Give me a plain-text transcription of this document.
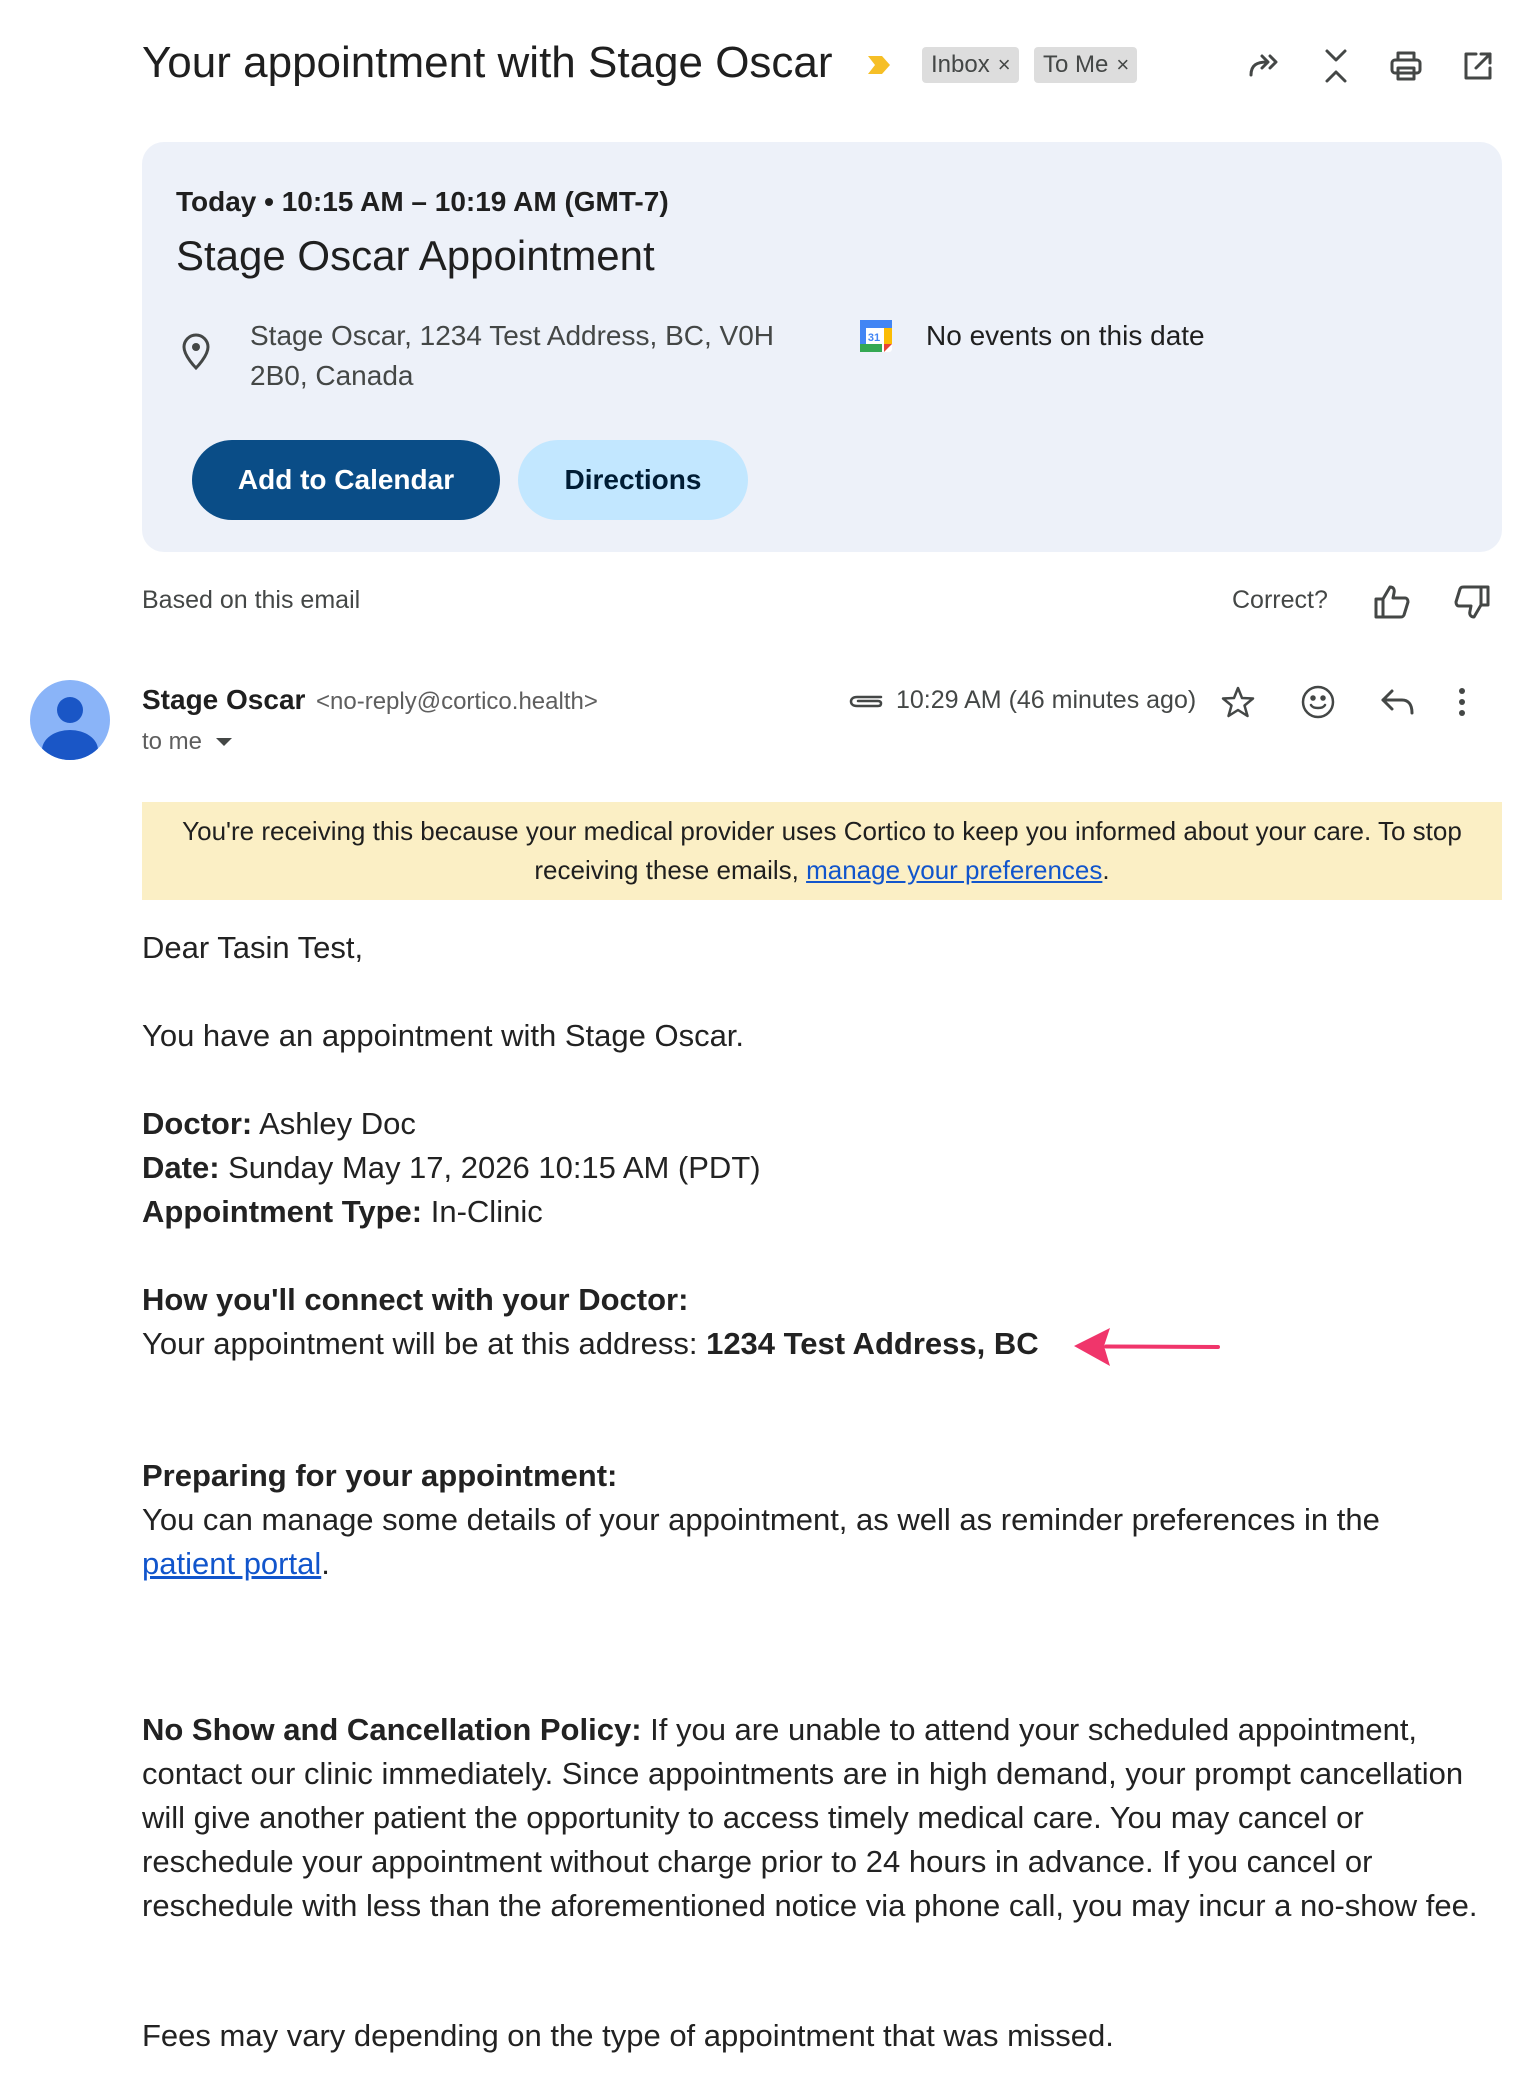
Your appointment with Stage Oscar	Inbox × To Me ×
Today • 10:15 AM – 10:19 AM (GMT-7)
Stage Oscar Appointment
Stage Oscar, 1234 Test Address, BC, V0H 2B0, Canada
31 No events on this date
Add to Calendar	Directions
Based on this email	Correct?
Stage Oscar <no-reply@cortico.health>
to me
10:29 AM (46 minutes ago)
You're receiving this because your medical provider uses Cortico to keep you informed about your care. To stop receiving these emails, manage your preferences.
Dear Tasin Test,
You have an appointment with Stage Oscar.
Doctor: Ashley Doc
Date: Sunday May 17, 2026 10:15 AM (PDT)
Appointment Type: In-Clinic
How you'll connect with your Doctor:
Your appointment will be at this address: 1234 Test Address, BC
Preparing for your appointment:
You can manage some details of your appointment, as well as reminder preferences in the
patient portal.
No Show and Cancellation Policy: If you are unable to attend your scheduled appointment, contact our clinic immediately. Since appointments are in high demand, your prompt cancellation will give another patient the opportunity to access timely medical care. You may cancel or reschedule your appointment without charge prior to 24 hours in advance. If you cancel or reschedule with less than the aforementioned notice via phone call, you may incur a no-show fee.
Fees may vary depending on the type of appointment that was missed.
